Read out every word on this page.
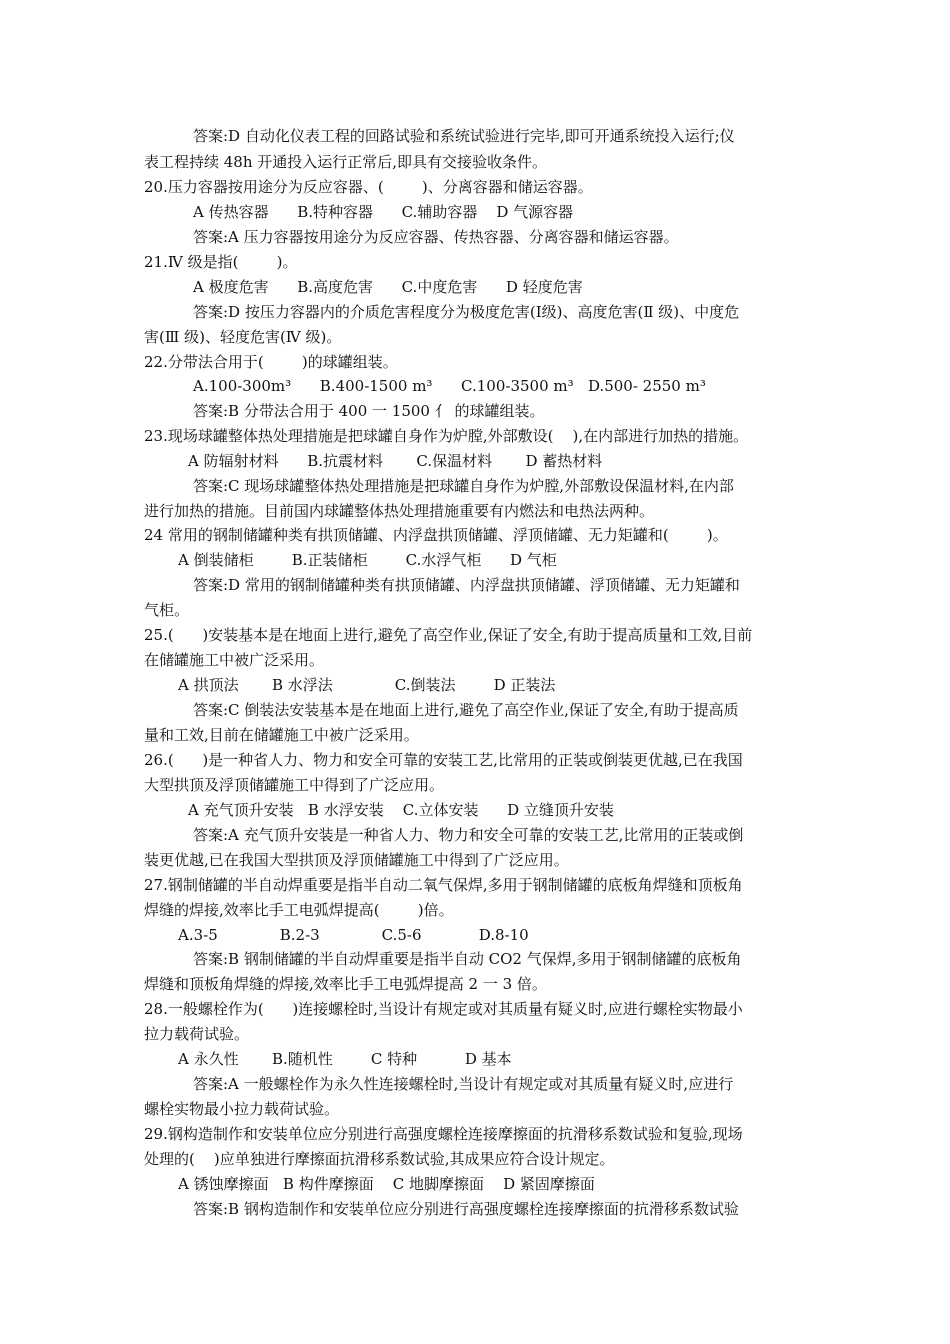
答案:D 自动化仪表工程的回路试验和系统试验进行完毕,即可开通系统投入运行;仪
表工程持续 48h 开通投入运行正常后,即具有交接验收条件。
20.压力容器按用途分为反应容器、(        )、分离容器和储运容器。
A 传热容器      B.特种容器      C.辅助容器    D 气源容器
答案:A 压力容器按用途分为反应容器、传热容器、分离容器和储运容器。
21.Ⅳ 级是指(        )。
A 极度危害      B.高度危害      C.中度危害      D 轻度危害
答案:D 按压力容器内的介质危害程度分为极度危害(Ⅰ级)、高度危害(Ⅱ 级)、中度危
害(Ⅲ 级)、轻度危害(Ⅳ 级)。
22.分带法合用于(        )的球罐组装。
A.100-300m³      B.400-1500 m³      C.100-3500 m³   D.500- 2550 m³
答案:B 分带法合用于 400 一 1500 亻 的球罐组装。
23.现场球罐整体热处理措施是把球罐自身作为炉膛,外部敷设(    ),在内部进行加热的措施。
A 防辐射材料      B.抗震材料       C.保温材料       D 蓄热材料
答案:C 现场球罐整体热处理措施是把球罐自身作为炉膛,外部敷设保温材料,在内部
进行加热的措施。目前国内球罐整体热处理措施重要有内燃法和电热法两种。
24 常用的钢制储罐种类有拱顶储罐、内浮盘拱顶储罐、浮顶储罐、无力矩罐和(        )。
A 倒装储柜        B.正装储柜        C.水浮气柜      D 气柜
答案:D 常用的钢制储罐种类有拱顶储罐、内浮盘拱顶储罐、浮顶储罐、无力矩罐和
气柜。
25.(      )安装基本是在地面上进行,避免了高空作业,保证了安全,有助于提高质量和工效,目前
在储罐施工中被广泛采用。
A 拱顶法       B 水浮法             C.倒装法        D 正装法
答案:C 倒装法安装基本是在地面上进行,避免了高空作业,保证了安全,有助于提高质
量和工效,目前在储罐施工中被广泛采用。
26.(      )是一种省人力、物力和安全可靠的安装工艺,比常用的正装或倒装更优越,已在我国
大型拱顶及浮顶储罐施工中得到了广泛应用。
A 充气顶升安装   B 水浮安装    C.立体安装      D 立缝顶升安装
答案:A 充气顶升安装是一种省人力、物力和安全可靠的安装工艺,比常用的正装或倒
装更优越,已在我国大型拱顶及浮顶储罐施工中得到了广泛应用。
27.钢制储罐的半自动焊重要是指半自动二氧气保焊,多用于钢制储罐的底板角焊缝和顶板角
焊缝的焊接,效率比手工电弧焊提高(        )倍。
A.3-5             B.2-3             C.5-6            D.8-10
答案:B 钢制储罐的半自动焊重要是指半自动 CO2 气保焊,多用于钢制储罐的底板角
焊缝和顶板角焊缝的焊接,效率比手工电弧焊提高 2 一 3 倍。
28.一般螺栓作为(      )连接螺栓时,当设计有规定或对其质量有疑义时,应进行螺栓实物最小
拉力载荷试验。
A 永久性       B.随机性        C 特种          D 基本
答案:A 一般螺栓作为永久性连接螺栓时,当设计有规定或对其质量有疑义时,应进行
螺栓实物最小拉力载荷试验。
29.钢构造制作和安装单位应分别进行高强度螺栓连接摩擦面的抗滑移系数试验和复验,现场
处理的(    )应单独进行摩擦面抗滑移系数试验,其成果应符合设计规定。
A 锈蚀摩擦面   B 构件摩擦面    C 地脚摩擦面    D 紧固摩擦面
答案:B 钢构造制作和安装单位应分别进行高强度螺栓连接摩擦面的抗滑移系数试验
